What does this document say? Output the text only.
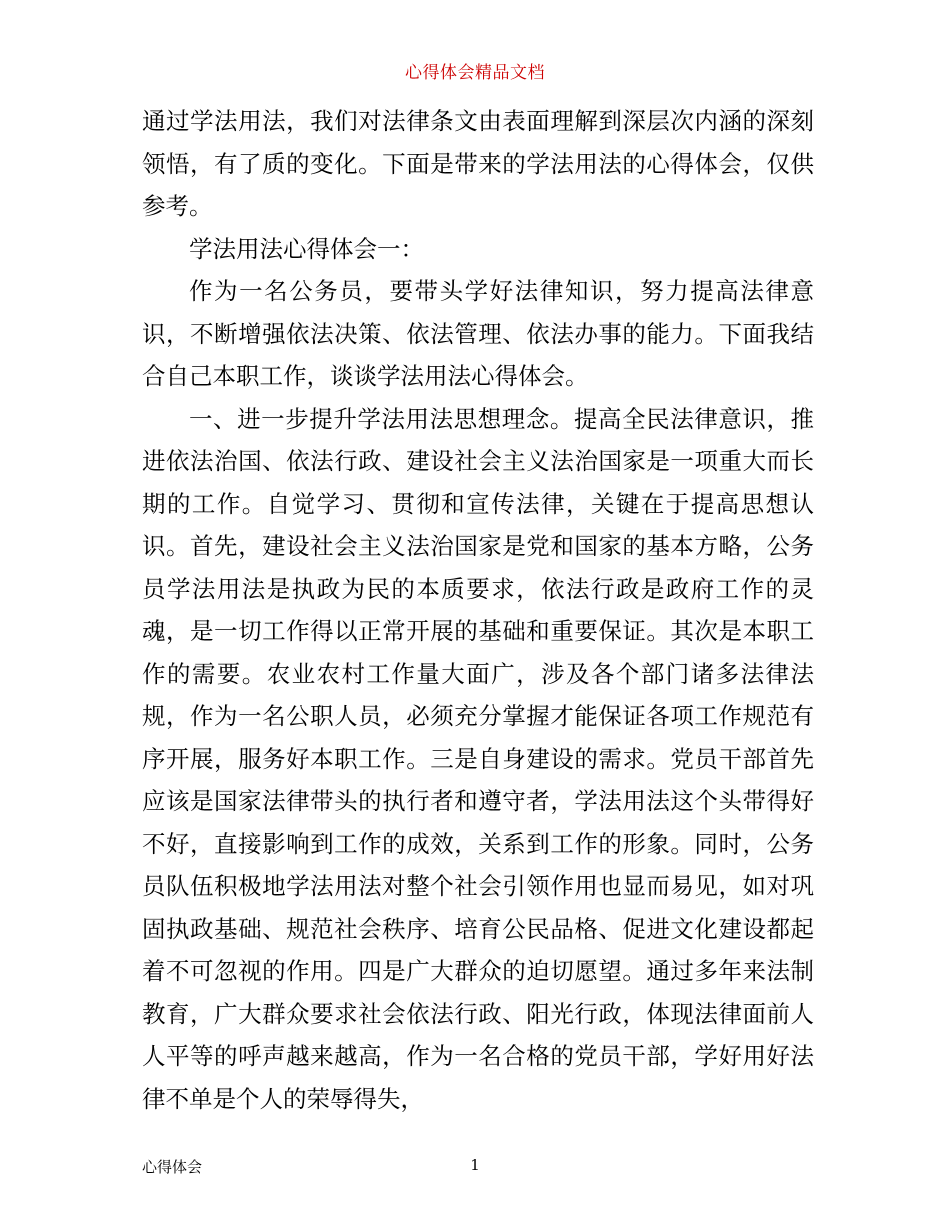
心得体会精品文档

通过学法用法，我们对法律条文由表面理解到深层次内涵的深刻领悟，有了质的变化。下面是带来的学法用法的心得体会，仅供参考。

学法用法心得体会一：

作为一名公务员，要带头学好法律知识，努力提高法律意识，不断增强依法决策、依法管理、依法办事的能力。下面我结合自己本职工作，谈谈学法用法心得体会。

一、进一步提升学法用法思想理念。提高全民法律意识，推进依法治国、依法行政、建设社会主义法治国家是一项重大而长期的工作。自觉学习、贯彻和宣传法律，关键在于提高思想认识。首先，建设社会主义法治国家是党和国家的基本方略，公务员学法用法是执政为民的本质要求，依法行政是政府工作的灵魂，是一切工作得以正常开展的基础和重要保证。其次是本职工作的需要。农业农村工作量大面广，涉及各个部门诸多法律法规，作为一名公职人员，必须充分掌握才能保证各项工作规范有序开展，服务好本职工作。三是自身建设的需求。党员干部首先应该是国家法律带头的执行者和遵守者，学法用法这个头带得好不好，直接影响到工作的成效，关系到工作的形象。同时，公务员队伍积极地学法用法对整个社会引领作用也显而易见，如对巩固执政基础、规范社会秩序、培育公民品格、促进文化建设都起着不可忽视的作用。四是广大群众的迫切愿望。通过多年来法制教育，广大群众要求社会依法行政、阳光行政，体现法律面前人人平等的呼声越来越高，作为一名合格的党员干部，学好用好法律不单是个人的荣辱得失，

心得体会	1
